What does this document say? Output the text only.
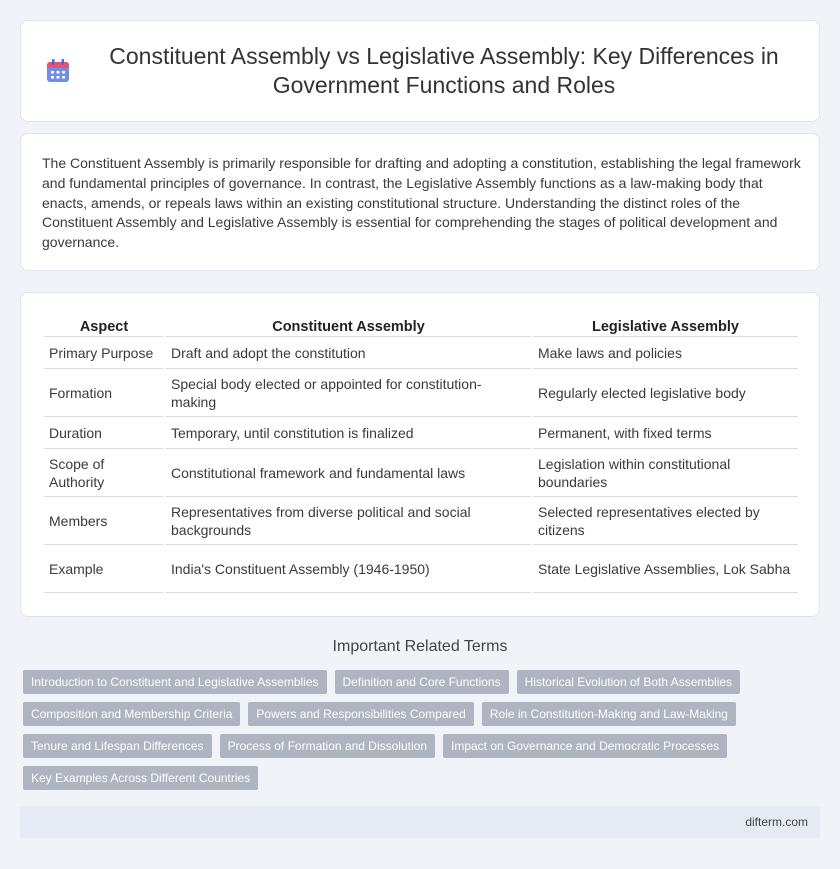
Constituent Assembly vs Legislative Assembly: Key Differences in Government Functions and Roles

The Constituent Assembly is primarily responsible for drafting and adopting a constitution, establishing the legal framework and fundamental principles of governance. In contrast, the Legislative Assembly functions as a law-making body that enacts, amends, or repeals laws within an existing constitutional structure. Understanding the distinct roles of the Constituent Assembly and Legislative Assembly is essential for comprehending the stages of political development and governance.

Aspect	Constituent Assembly	Legislative Assembly
Primary Purpose	Draft and adopt the constitution	Make laws and policies
Formation	Special body elected or appointed for constitution-making	Regularly elected legislative body
Duration	Temporary, until constitution is finalized	Permanent, with fixed terms
Scope of Authority	Constitutional framework and fundamental laws	Legislation within constitutional boundaries
Members	Representatives from diverse political and social backgrounds	Selected representatives elected by citizens
Example	India's Constituent Assembly (1946-1950)	State Legislative Assemblies, Lok Sabha
Important Related Terms
Introduction to Constituent and Legislative Assemblies	Definition and Core Functions	Historical Evolution of Both Assemblies
Composition and Membership Criteria	Powers and Responsibilities Compared	Role in Constitution-Making and Law-Making
Tenure and Lifespan Differences	Process of Formation and Dissolution	Impact on Governance and Democratic Processes
Key Examples Across Different Countries
difterm.com
